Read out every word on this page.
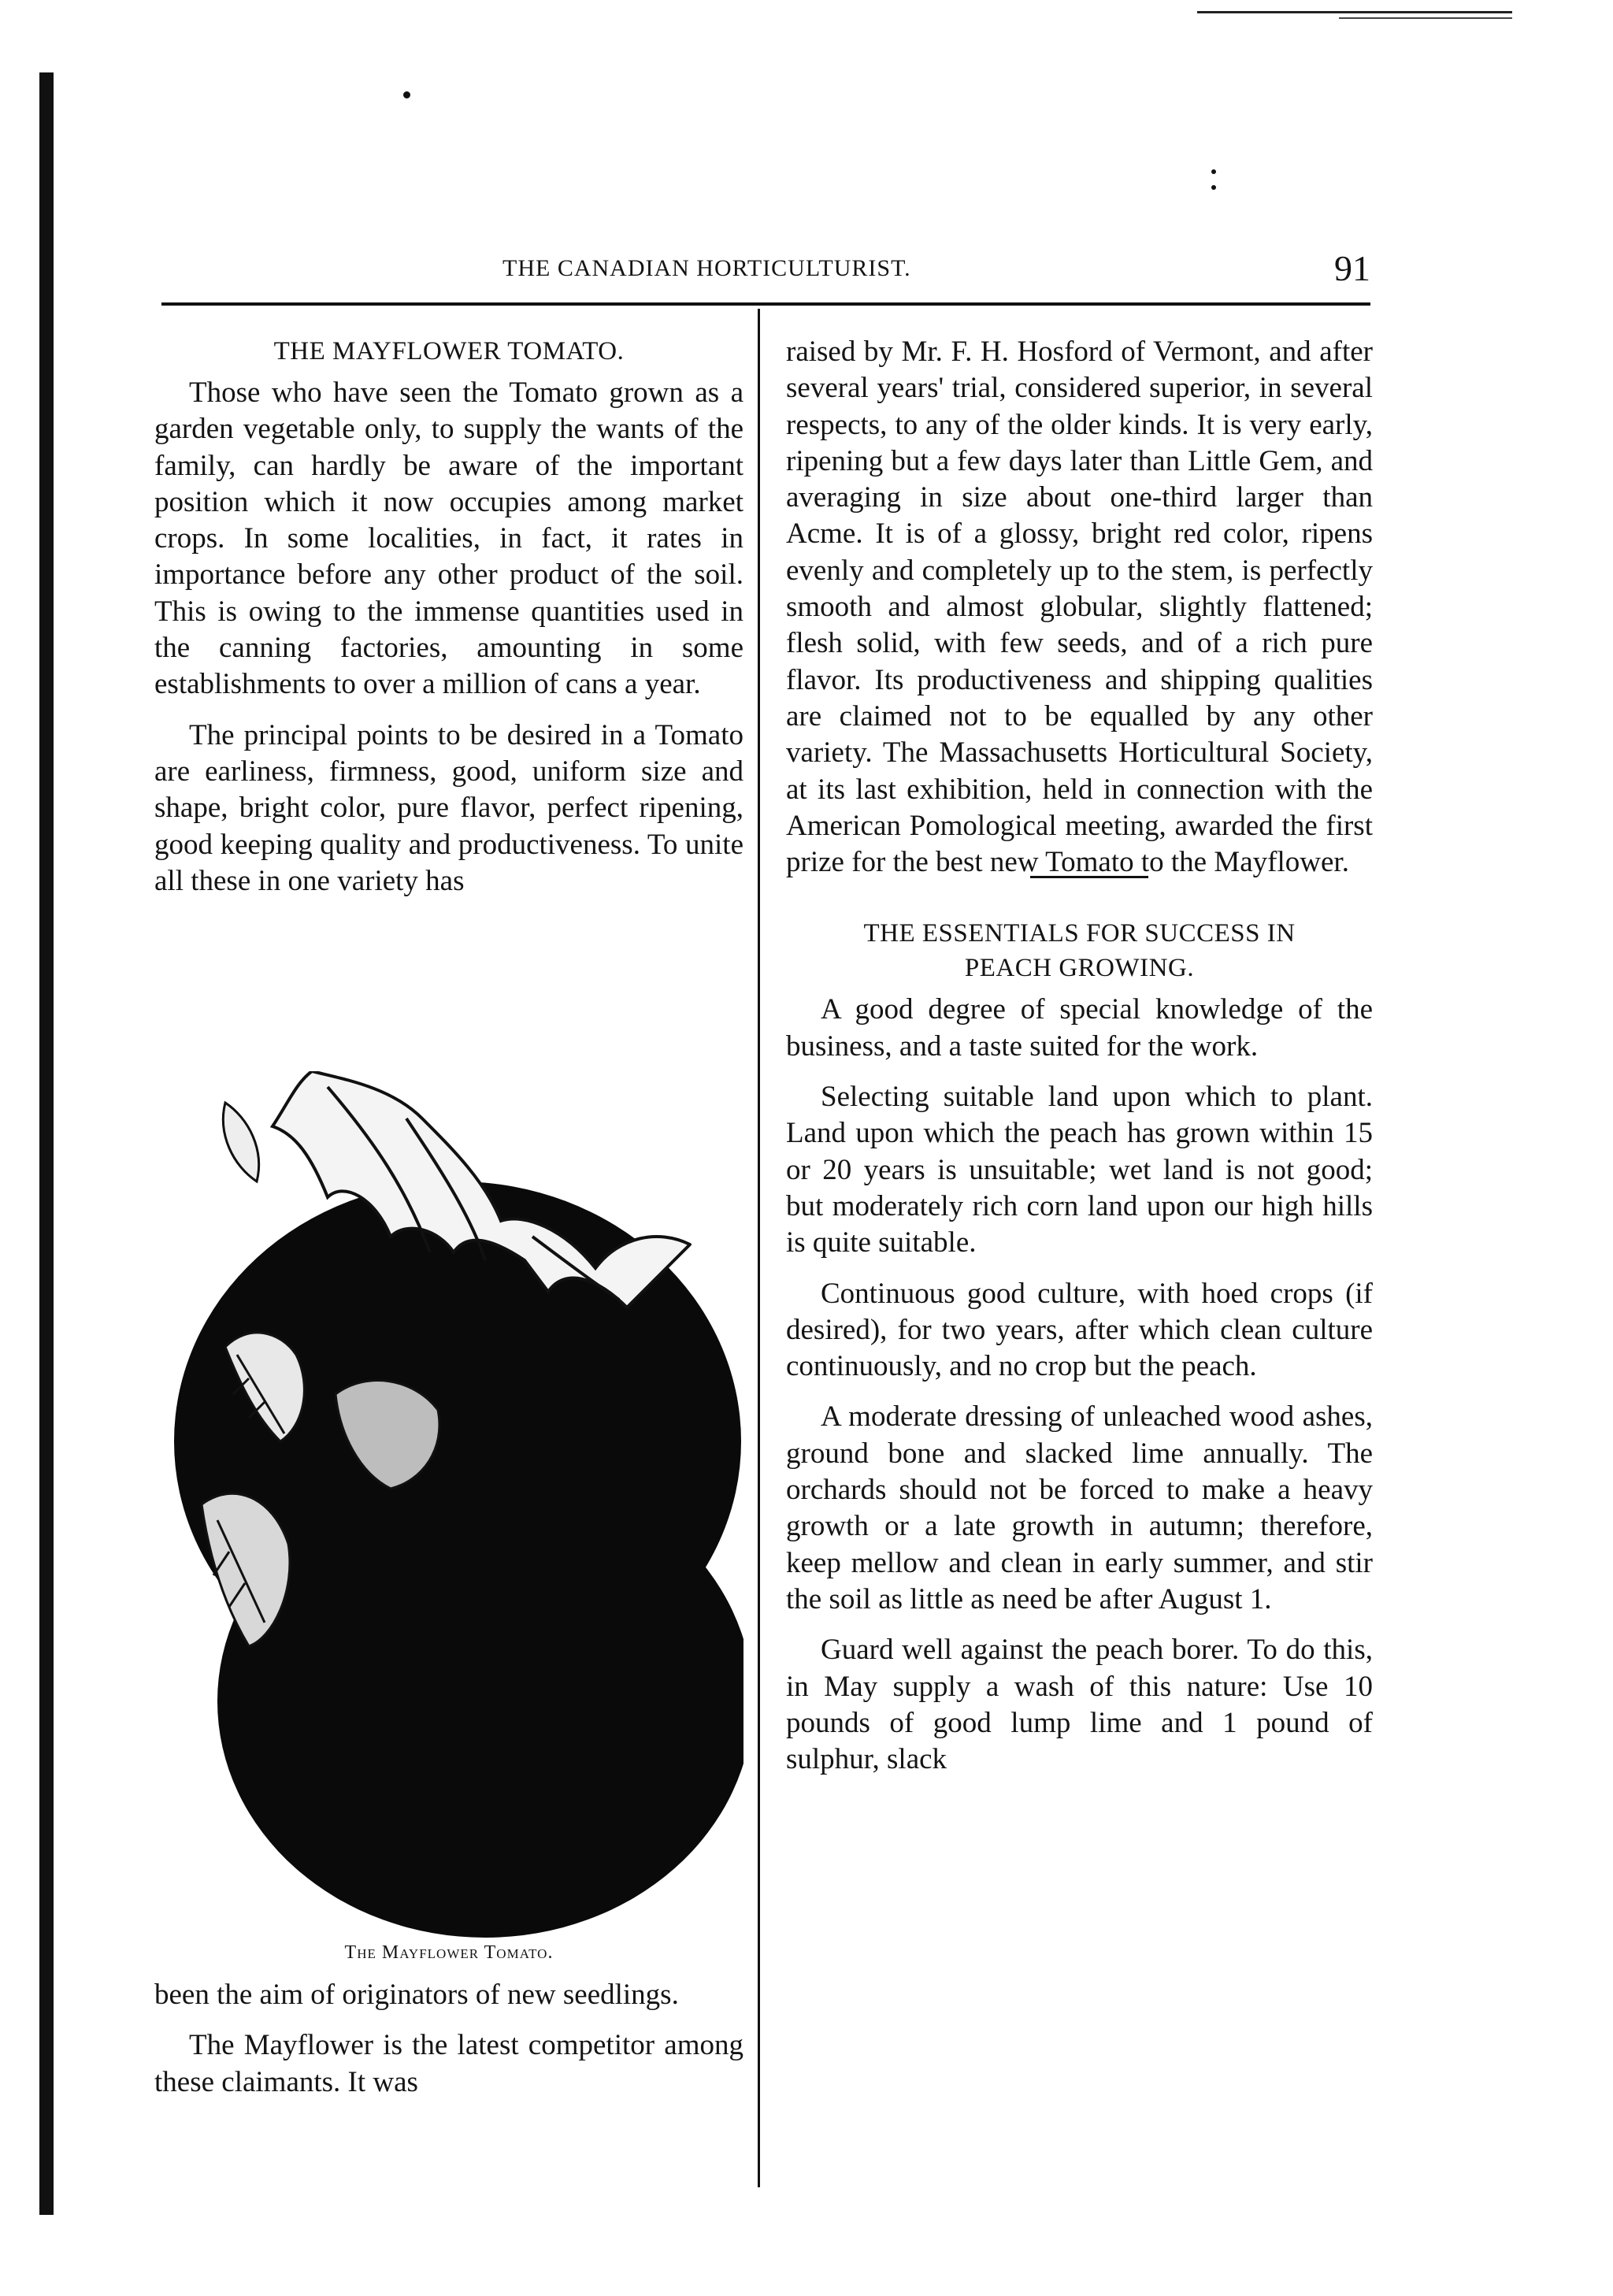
THE CANADIAN HORTICULTURIST.	91
THE MAYFLOWER TOMATO.

Those who have seen the Tomato grown as a garden vegetable only, to supply the wants of the family, can hardly be aware of the important position which it now occupies among market crops. In some localities, in fact, it rates in importance before any other product of the soil. This is owing to the immense quantities used in the canning factories, amounting in some establishments to over a million of cans a year.

The principal points to be desired in a Tomato are earliness, firmness, good, uniform size and shape, bright color, pure flavor, perfect ripening, good keeping quality and productiveness. To unite all these in one variety has

The Mayflower Tomato.

been the aim of originators of new seedlings.

The Mayflower is the latest competitor among these claimants. It was

raised by Mr. F. H. Hosford of Vermont, and after several years' trial, considered superior, in several respects, to any of the older kinds. It is very early, ripening but a few days later than Little Gem, and averaging in size about one-third larger than Acme. It is of a glossy, bright red color, ripens evenly and completely up to the stem, is perfectly smooth and almost globular, slightly flattened; flesh solid, with few seeds, and of a rich pure flavor. Its productiveness and shipping qualities are claimed not to be equalled by any other variety. The Massachusetts Horticultural Society, at its last exhibition, held in connection with the American Pomological meeting, awarded the first prize for the best new Tomato to the Mayflower.

THE ESSENTIALS FOR SUCCESS IN
PEACH GROWING.

A good degree of special knowledge of the business, and a taste suited for the work.

Selecting suitable land upon which to plant. Land upon which the peach has grown within 15 or 20 years is unsuitable; wet land is not good; but moderately rich corn land upon our high hills is quite suitable.

Continuous good culture, with hoed crops (if desired), for two years, after which clean culture continuously, and no crop but the peach.

A moderate dressing of unleached wood ashes, ground bone and slacked lime annually. The orchards should not be forced to make a heavy growth or a late growth in autumn; therefore, keep mellow and clean in early summer, and stir the soil as little as need be after August 1.

Guard well against the peach borer. To do this, in May supply a wash of this nature: Use 10 pounds of good lump lime and 1 pound of sulphur, slack
